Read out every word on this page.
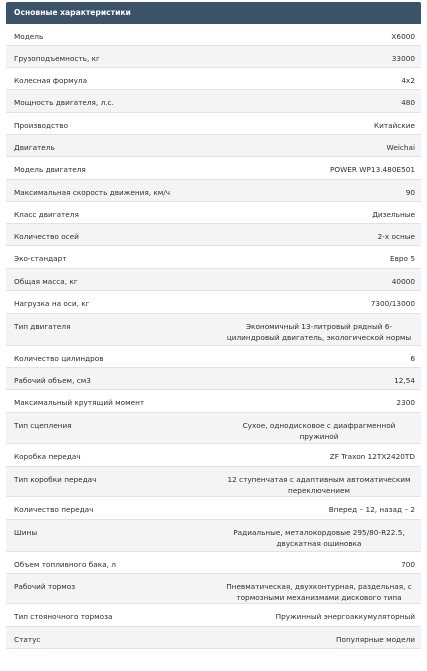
Основные характеристики
Модель	X6000
Грузоподъемность, кг	33000
Колесная формула	4x2
Мощность двигателя, л.с.	480
Производство	Китайские
Двигатель	Weichai
Модель двигателя	POWER WP13.480E501
Максимальная скорость движения, км/ч	90
Класс двигателя	Дизельные
Количество осей	2-х осные
Эко-стандарт	Евро 5
Общая масса, кг	40000
Нагрузка на оси, кг	7300/13000
Тип двигателя	Экономичный 13-литровый рядный 6-цилиндровый двигатель, экологической нормы
Количество цилиндров	6
Рабочий объем, см3	12,54
Максимальный крутящий момент	2300
Тип сцепления	Сухое, однодисковое с диафрагменной пружиной
Коробка передач	ZF Traxon 12TX2420TD
Тип коробки передач	12 ступенчатая с адаптивным автоматическим переключением
Количество передач	Вперед – 12, назад – 2
Шины	Радиальные, металокордовые 295/80-R22.5, двускатная ошиновка
Объем топливного бака, л	700
Рабочий тормоз	Пневматическая, двухконтурная, раздельная, с тормозными механизмами дискового типа
Тип стояночного тормоза	Пружинный энергоаккумуляторный
Статус	Популярные модели
